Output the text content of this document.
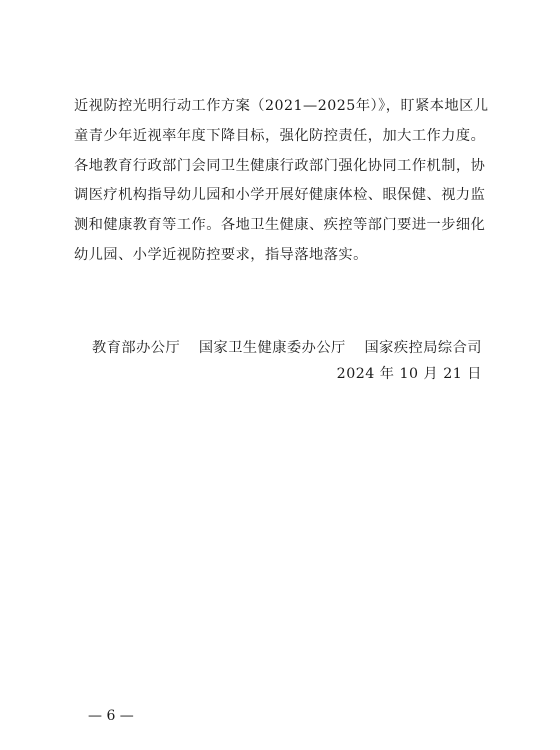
近视防控光明行动工作方案（2021—2025年）》，盯紧本地区儿
童青少年近视率年度下降目标，强化防控责任，加大工作力度。
各地教育行政部门会同卫生健康行政部门强化协同工作机制，协
调医疗机构指导幼儿园和小学开展好健康体检、眼保健、视力监
测和健康教育等工作。各地卫生健康、疾控等部门要进一步细化
幼儿园、小学近视防控要求，指导落地落实。
教育部办公厅 国家卫生健康委办公厅 国家疾控局综合司
2024 年 10 月 21 日
— 6 —
